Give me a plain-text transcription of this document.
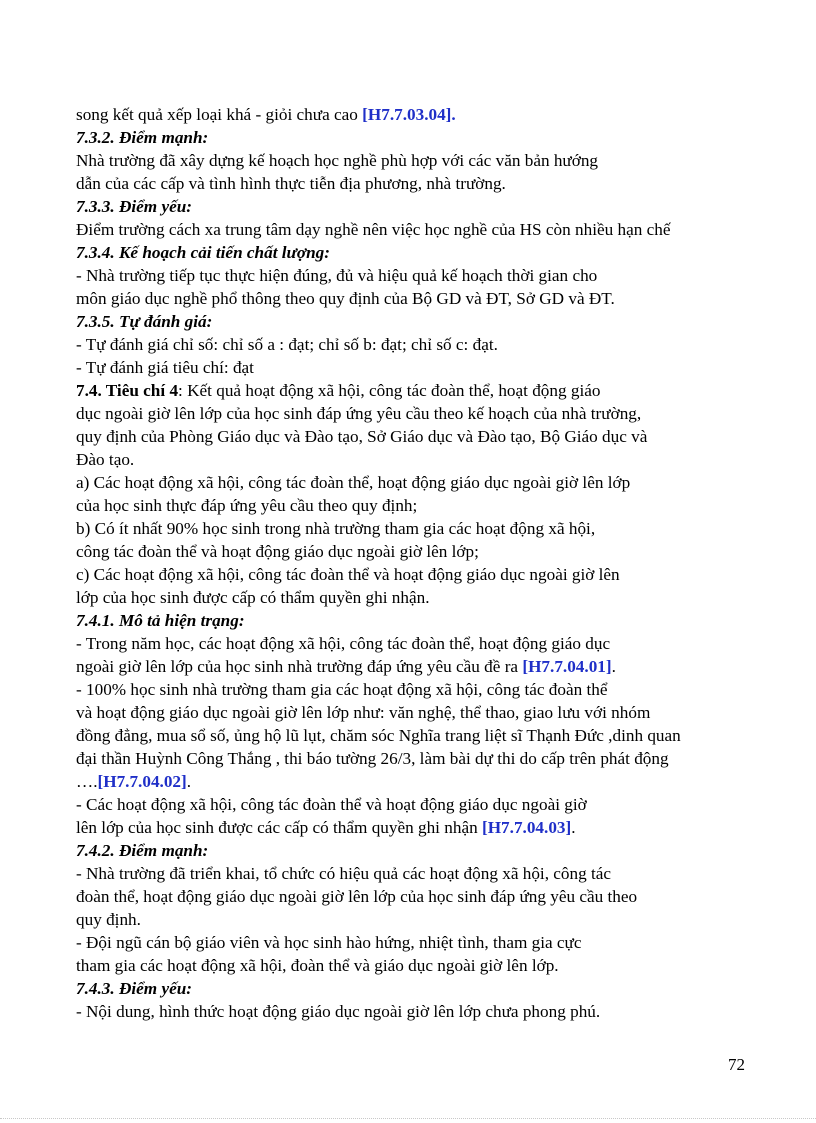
song kết quả xếp loại khá - giỏi chưa cao [H7.7.03.04].
7.3.2. Điểm mạnh:
Nhà trường đã xây dựng kế hoạch học nghề phù hợp với các văn bản hướng
dẫn của các cấp và tình hình thực tiễn địa phương, nhà trường.
7.3.3. Điểm yếu:
Điểm trường cách xa trung tâm dạy nghề nên việc học nghề của HS còn nhiều hạn chế
7.3.4. Kế hoạch cải tiến chất lượng:
- Nhà trường tiếp tục thực hiện đúng, đủ và hiệu quả kế hoạch thời gian cho
môn giáo dục nghề phổ thông theo quy định của Bộ GD và ĐT, Sở GD và ĐT.
7.3.5. Tự đánh giá:
- Tự đánh giá chỉ số: chỉ số a : đạt; chỉ số b: đạt; chỉ số c: đạt.
- Tự đánh giá tiêu chí: đạt
7.4. Tiêu chí 4: Kết quả hoạt động xã hội, công tác đoàn thể, hoạt động giáo
dục ngoài giờ lên lớp của học sinh đáp ứng yêu cầu theo kế hoạch của nhà trường,
quy định của Phòng Giáo dục và Đào tạo, Sở Giáo dục và Đào tạo, Bộ Giáo dục và
Đào tạo.
a) Các hoạt động xã hội, công tác đoàn thể, hoạt động giáo dục ngoài giờ lên lớp
của học sinh thực đáp ứng yêu cầu theo quy định;
b) Có ít nhất 90% học sinh trong nhà trường tham gia các hoạt động xã hội,
công tác đoàn thể và hoạt động giáo dục ngoài giờ lên lớp;
c) Các hoạt động xã hội, công tác đoàn thể và hoạt động giáo dục ngoài giờ lên
lớp của học sinh được cấp có thẩm quyền ghi nhận.
7.4.1. Mô tả hiện trạng:
- Trong năm học, các hoạt động xã hội, công tác đoàn thể, hoạt động giáo dục
ngoài giờ lên lớp của học sinh nhà trường đáp ứng yêu cầu đề ra [H7.7.04.01].
- 100% học sinh nhà trường tham gia các hoạt động xã hội, công tác đoàn thể
và hoạt động giáo dục ngoài giờ lên lớp như: văn nghệ, thể thao, giao lưu với nhóm
đồng đẳng, mua sổ số, ủng hộ lũ lụt, chăm sóc Nghĩa trang liệt sĩ Thạnh Đức ,dinh quan
đại thần Huỳnh Công Thắng , thi báo tường 26/3, làm bài dự thi do cấp trên phát động
….[H7.7.04.02].
- Các hoạt động xã hội, công tác đoàn thể và hoạt động giáo dục ngoài giờ
lên lớp của học sinh được các cấp có thẩm quyền ghi nhận [H7.7.04.03].
7.4.2. Điểm mạnh:
- Nhà trường đã triển khai, tổ chức có hiệu quả các hoạt động xã hội, công tác
đoàn thể, hoạt động giáo dục ngoài giờ lên lớp của học sinh đáp ứng yêu cầu theo
quy định.
- Đội ngũ cán bộ giáo viên và học sinh hào hứng, nhiệt tình, tham gia cực
tham gia các hoạt động xã hội, đoàn thể và giáo dục ngoài giờ lên lớp.
7.4.3. Điểm yếu:
- Nội dung, hình thức hoạt động giáo dục ngoài giờ lên lớp chưa phong phú.
72
